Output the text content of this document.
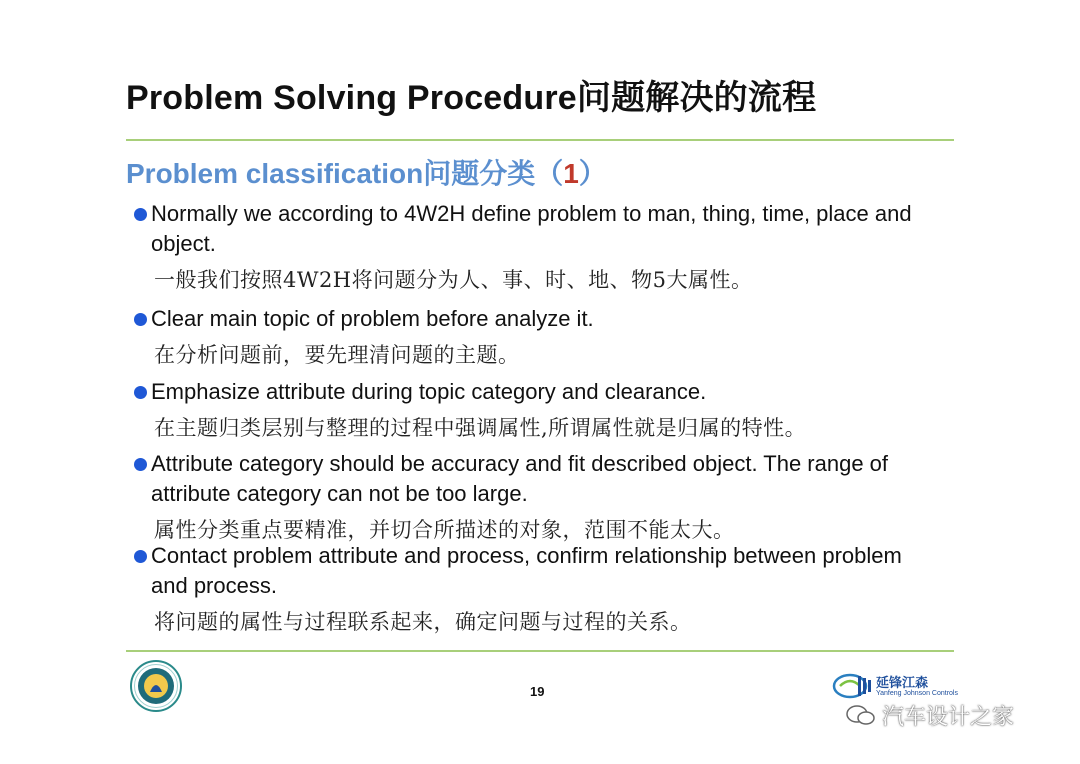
Problem Solving Procedure问题解决的流程
Problem classification问题分类（1）
Normally we according to 4W2H define problem to man, thing, time, place and object.
一般我们按照4W2H将问题分为人、事、时、地、物5大属性。
Clear main topic of problem before analyze it.
在分析问题前，要先理清问题的主题。
Emphasize attribute during topic category and clearance.
在主题归类层别与整理的过程中强调属性,所谓属性就是归属的特性。
Attribute category should be accuracy and fit described object. The range of attribute category can not be too large.
属性分类重点要精准，并切合所描述的对象，范围不能太大。
Contact problem attribute and process, confirm relationship between problem and process.
将问题的属性与过程联系起来，确定问题与过程的关系。
19
延锋江森
Yanfeng Johnson Controls
汽车设计之家
